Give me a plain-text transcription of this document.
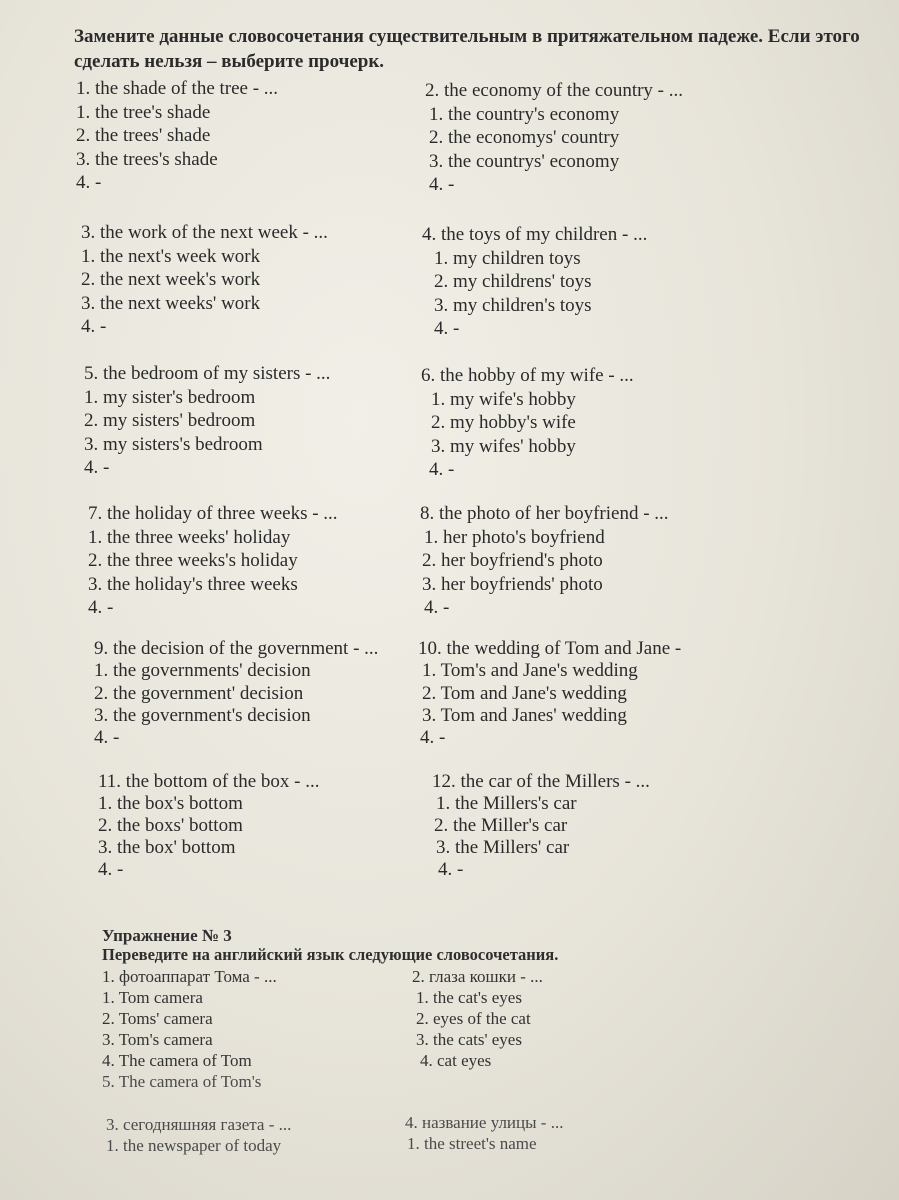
Замените данные словосочетания существительным в притяжательном падеже. Если этого сделать нельзя – выберите прочерк.
1. the shade of the tree - ...
1. the tree's shade
2. the trees' shade
3. the trees's shade
4. -
2. the economy of the country - ...
1. the country's economy
2. the economys' country
3. the countrys' economy
4. -
3. the work of the next week - ...
1. the next's week work
2. the next week's work
3. the next weeks' work
4. -
4. the toys of my children - ...
1. my children toys
2. my childrens' toys
3. my children's toys
4. -
5. the bedroom of my sisters - ...
1. my sister's bedroom
2. my sisters' bedroom
3. my sisters's bedroom
4. -
6. the hobby of my wife - ...
1. my wife's hobby
2. my hobby's wife
3. my wifes' hobby
4. -
7. the holiday of three weeks - ...
1. the three weeks' holiday
2. the three weeks's holiday
3. the holiday's three weeks
4. -
8. the photo of her boyfriend - ...
1. her photo's boyfriend
2. her boyfriend's photo
3. her boyfriends' photo
4. -
9. the decision of the government - ...
1. the governments' decision
2. the government' decision
3. the government's decision
4. -
10. the wedding of Tom and Jane -
1. Tom's and Jane's wedding
2. Tom and Jane's wedding
3. Tom and Janes' wedding
4. -
11. the bottom of the box - ...
1. the box's bottom
2. the boxs' bottom
3. the box' bottom
4. -
12. the car of the Millers - ...
1. the Millers's car
2. the Miller's car
3. the Millers' car
4. -
Упражнение № 3
Переведите на английский язык следующие словосочетания.
1. фотоаппарат Тома - ...
1. Tom camera
2. Toms' camera
3. Tom's camera
4. The camera of Tom
5. The camera of Tom's
2. глаза кошки - ...
1. the cat's eyes
2. eyes of the cat
3. the cats' eyes
4. cat eyes
3. сегодняшняя газета - ...
1. the newspaper of today
4. название улицы - ...
1. the street's name
